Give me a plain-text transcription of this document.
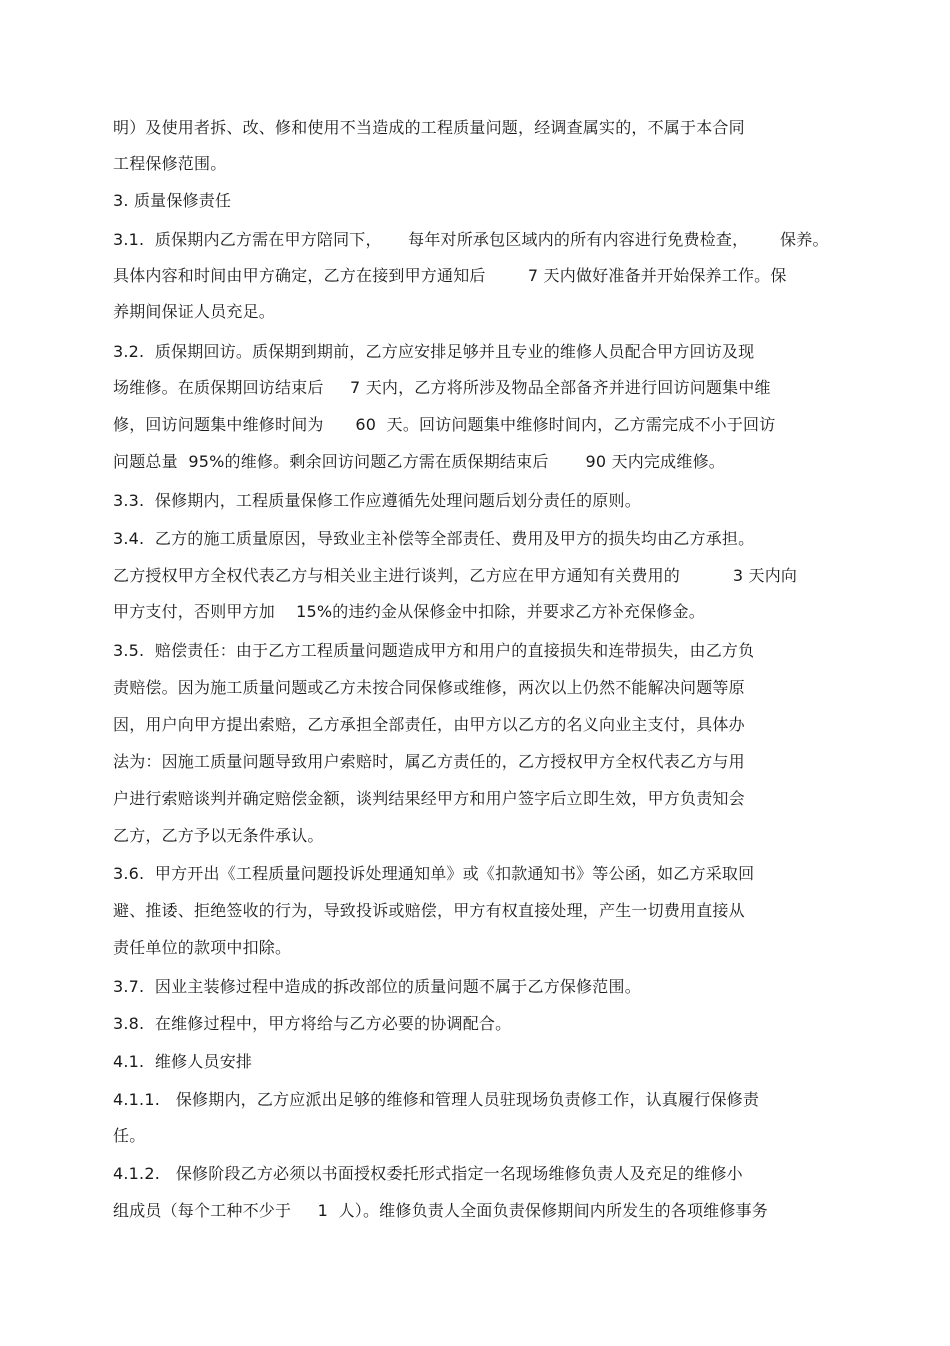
明）及使用者拆、改、修和使用不当造成的工程质量问题，经调查属实的，不属于本合同

工程保修范围。

3. 质量保修责任

3.1.  质保期内乙方需在甲方陪同下，     每年对所承包区域内的所有内容进行免费检查，      保养。

具体内容和时间由甲方确定，乙方在接到甲方通知后        7 天内做好准备并开始保养工作。保

养期间保证人员充足。

3.2.  质保期回访。质保期到期前，乙方应安排足够并且专业的维修人员配合甲方回访及现

场维修。在质保期回访结束后     7 天内，乙方将所涉及物品全部备齐并进行回访问题集中维

修，回访问题集中维修时间为      60  天。回访问题集中维修时间内，乙方需完成不小于回访

问题总量  95%的维修。剩余回访问题乙方需在质保期结束后       90 天内完成维修。

3.3.  保修期内，工程质量保修工作应遵循先处理问题后划分责任的原则。

3.4.  乙方的施工质量原因，导致业主补偿等全部责任、费用及甲方的损失均由乙方承担。

乙方授权甲方全权代表乙方与相关业主进行谈判，乙方应在甲方通知有关费用的          3 天内向

甲方支付，否则甲方加    15%的违约金从保修金中扣除，并要求乙方补充保修金。

3.5.  赔偿责任：由于乙方工程质量问题造成甲方和用户的直接损失和连带损失，由乙方负

责赔偿。因为施工质量问题或乙方未按合同保修或维修，两次以上仍然不能解决问题等原

因，用户向甲方提出索赔，乙方承担全部责任，由甲方以乙方的名义向业主支付，具体办

法为：因施工质量问题导致用户索赔时，属乙方责任的，乙方授权甲方全权代表乙方与用

户进行索赔谈判并确定赔偿金额，谈判结果经甲方和用户签字后立即生效，甲方负责知会

乙方，乙方予以无条件承认。

3.6.  甲方开出《工程质量问题投诉处理通知单》或《扣款通知书》等公函，如乙方采取回

避、推诿、拒绝签收的行为，导致投诉或赔偿，甲方有权直接处理，产生一切费用直接从

责任单位的款项中扣除。

3.7.  因业主装修过程中造成的拆改部位的质量问题不属于乙方保修范围。

3.8.  在维修过程中，甲方将给与乙方必要的协调配合。

4.1.  维修人员安排

4.1.1.   保修期内，乙方应派出足够的维修和管理人员驻现场负责修工作，认真履行保修责

任。

4.1.2.   保修阶段乙方必须以书面授权委托形式指定一名现场维修负责人及充足的维修小

组成员（每个工种不少于     1  人）。维修负责人全面负责保修期间内所发生的各项维修事务
